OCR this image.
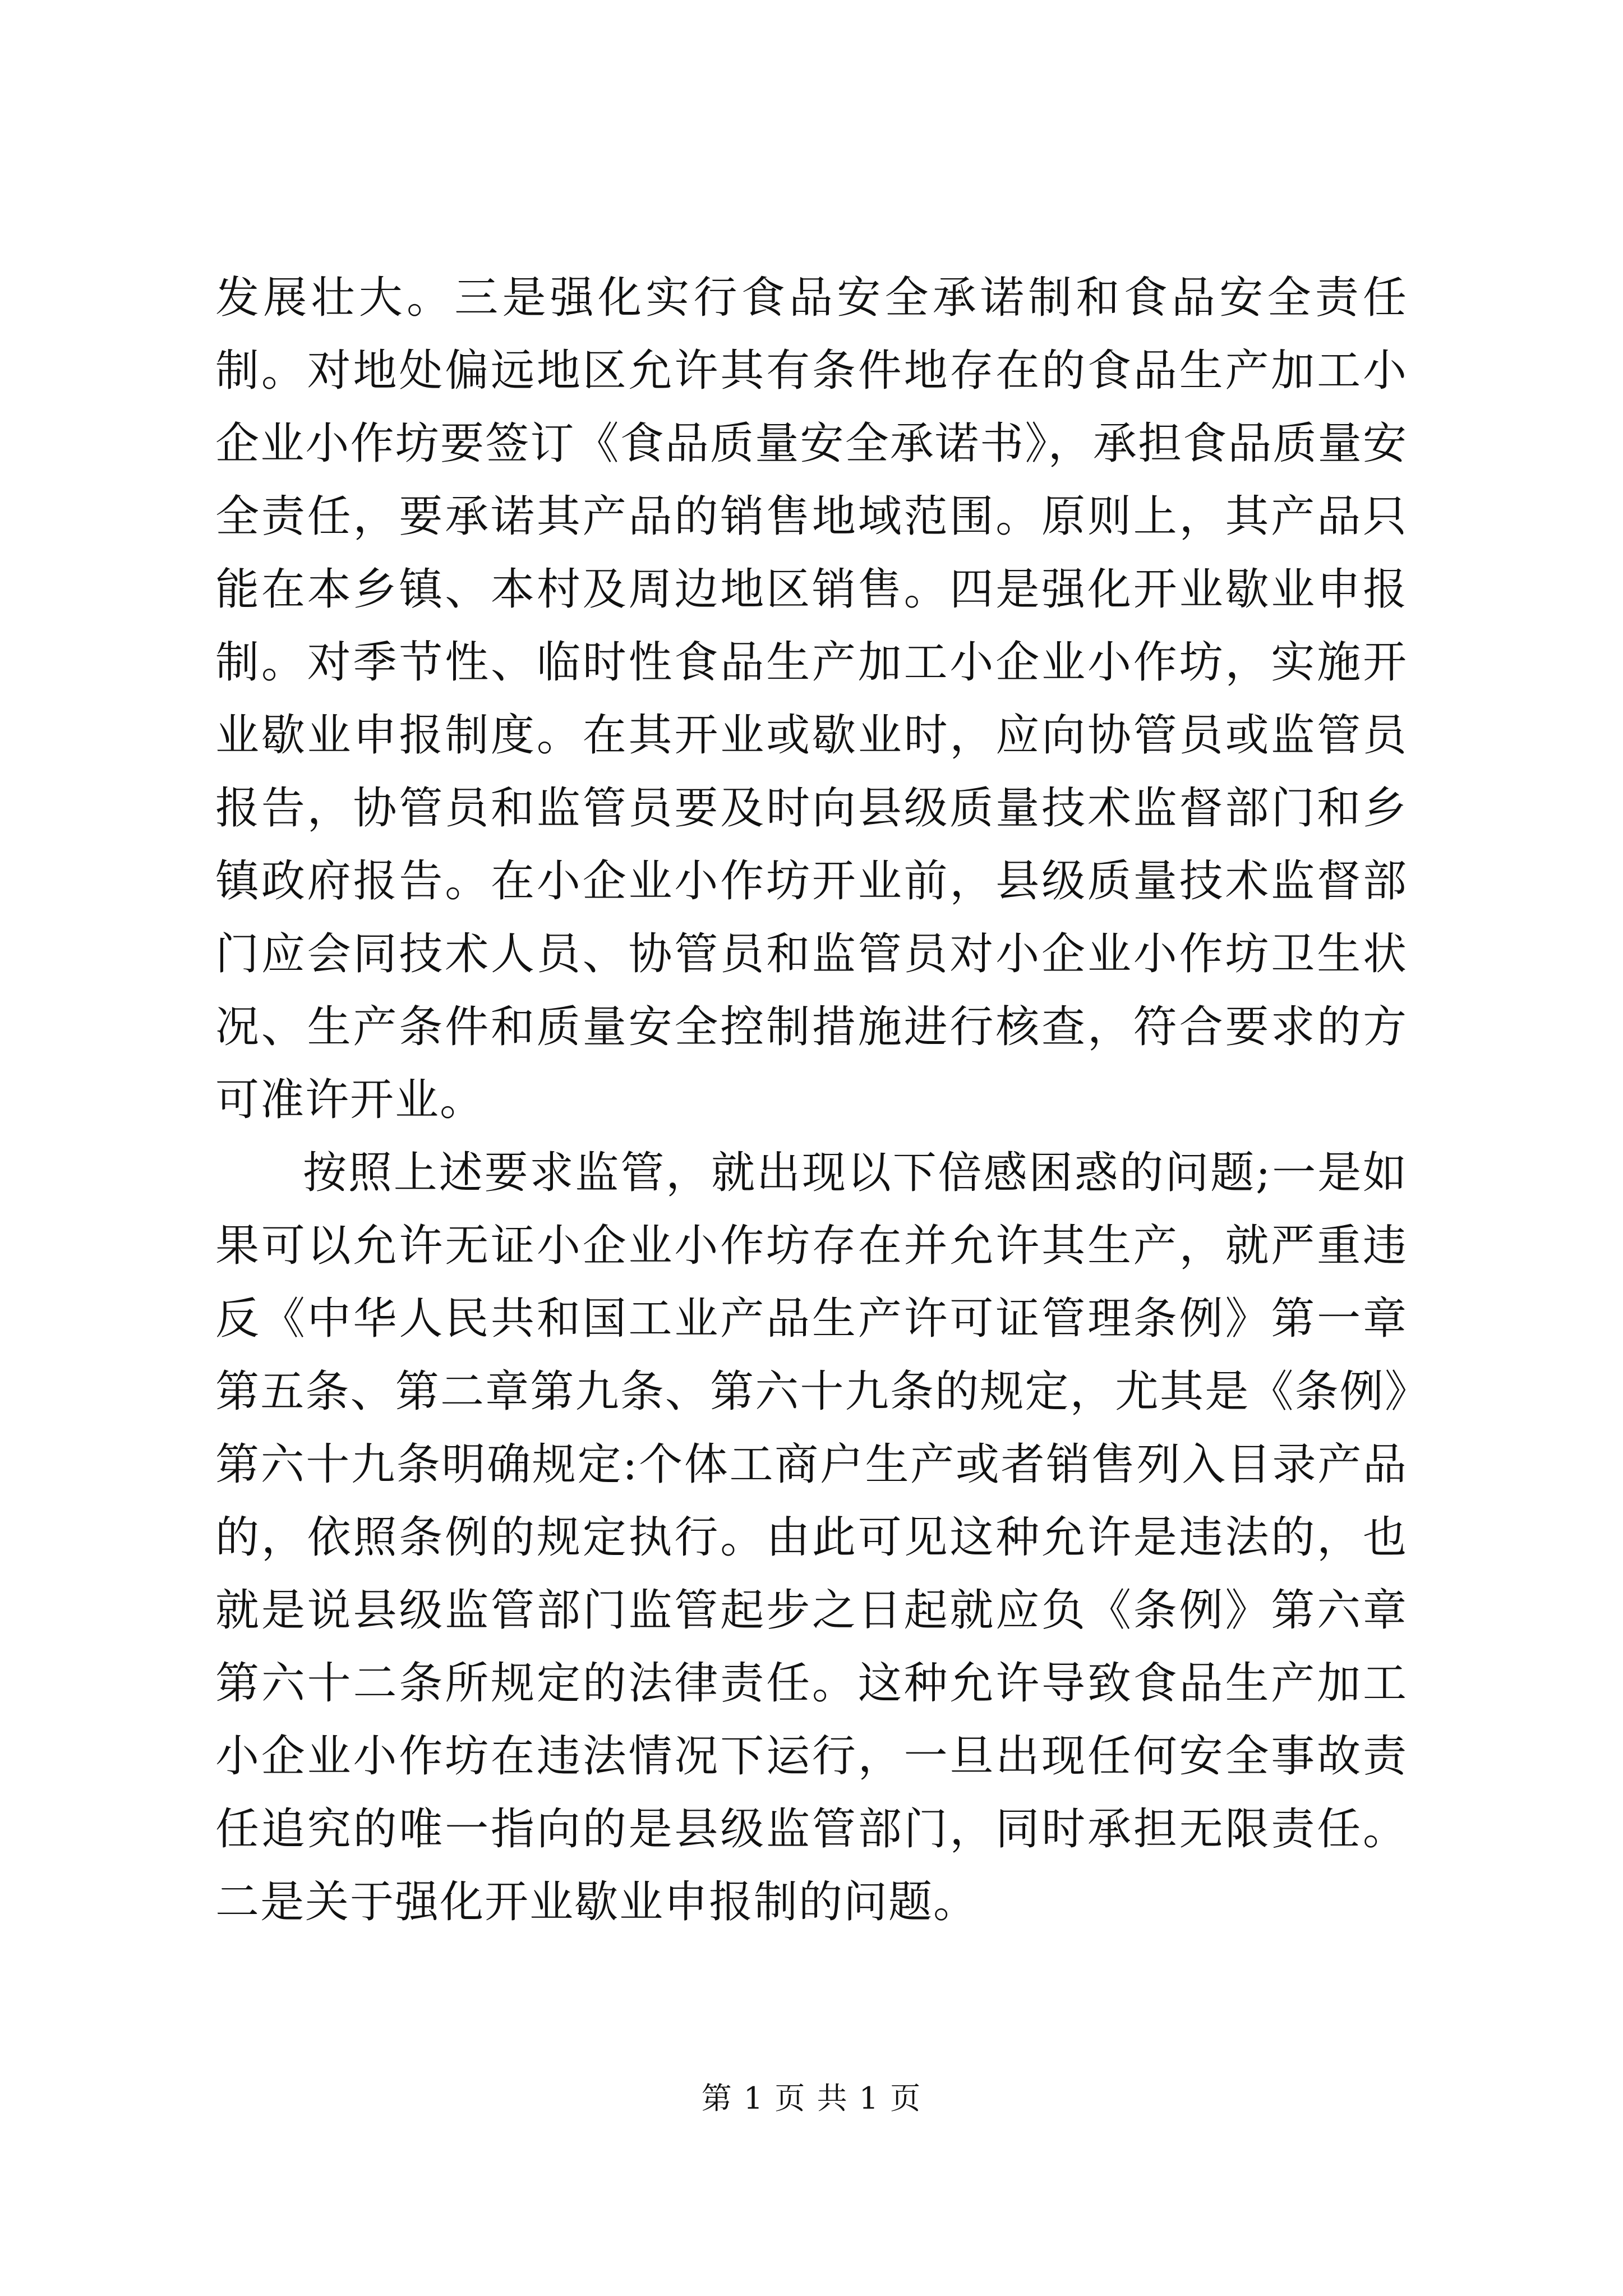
发展壮大。三是强化实行食品安全承诺制和食品安全责任制。对地处偏远地区允许其有条件地存在的食品生产加工小企业小作坊要签订《食品质量安全承诺书》，承担食品质量安全责任，要承诺其产品的销售地域范围。原则上，其产品只能在本乡镇、本村及周边地区销售。四是强化开业歇业申报制。对季节性、临时性食品生产加工小企业小作坊，实施开业歇业申报制度。在其开业或歇业时，应向协管员或监管员报告，协管员和监管员要及时向县级质量技术监督部门和乡镇政府报告。在小企业小作坊开业前，县级质量技术监督部门应会同技术人员、协管员和监管员对小企业小作坊卫生状况、生产条件和质量安全控制措施进行核查，符合要求的方可准许开业。

按照上述要求监管，就出现以下倍感困惑的问题;一是如果可以允许无证小企业小作坊存在并允许其生产，就严重违反《中华人民共和国工业产品生产许可证管理条例》第一章第五条、第二章第九条、第六十九条的规定，尤其是《条例》第六十九条明确规定:个体工商户生产或者销售列入目录产品的，依照条例的规定执行。由此可见这种允许是违法的，也就是说县级监管部门监管起步之日起就应负《条例》第六章第六十二条所规定的法律责任。这种允许导致食品生产加工小企业小作坊在违法情况下运行，一旦出现任何安全事故责任追究的唯一指向的是县级监管部门，同时承担无限责任。二是关于强化开业歇业申报制的问题。

第 1 页 共 1 页
